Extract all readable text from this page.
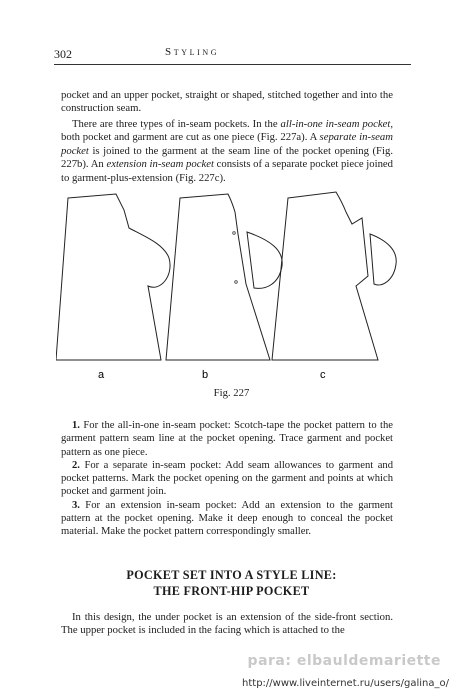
302	Styling

pocket and an upper pocket, straight or shaped, stitched together and into the construction seam.

There are three types of in-seam pockets. In the all-in-one in-seam pocket, both pocket and garment are cut as one piece (Fig. 227a). A separate in-seam pocket is joined to the garment at the seam line of the pocket opening (Fig. 227b). An extension in-seam pocket consists of a separate pocket piece joined to garment-plus-extension (Fig. 227c).

a	b	c
Fig. 227

1. For the all-in-one in-seam pocket: Scotch-tape the pocket pattern to the garment pattern seam line at the pocket opening. Trace garment and pocket pattern as one piece.

2. For a separate in-seam pocket: Add seam allowances to garment and pocket patterns. Mark the pocket opening on the garment and points at which pocket and garment join.

3. For an extension in-seam pocket: Add an extension to the garment pattern at the pocket opening. Make it deep enough to conceal the pocket material. Make the pocket pattern correspondingly smaller.

POCKET SET INTO A STYLE LINE:
THE FRONT-HIP POCKET

In this design, the under pocket is an extension of the side-front section. The upper pocket is included in the facing which is attached to the

para: elbauldemariette
http://www.liveinternet.ru/users/galina_o/
